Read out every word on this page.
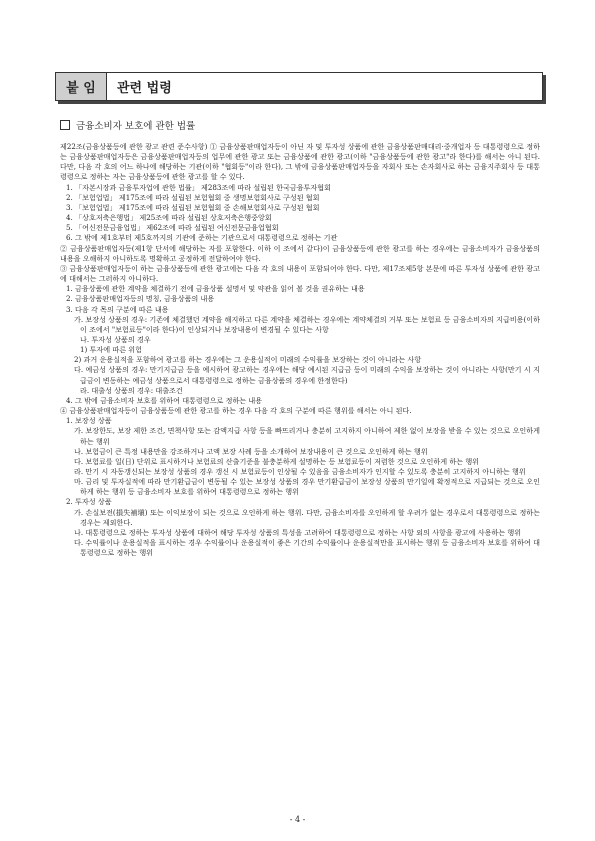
붙 임	관련 법령
금융소비자 보호에 관한 법률

제22조(금융상품등에 관한 광고 관련 준수사항) ① 금융상품판매업자등이 아닌 자 및 투자성 상품에 관한 금융상품판매대리·중개업자 등 대통령령으로 정하는 금융상품판매업자등은 금융상품판매업자등의 업무에 관한 광고 또는 금융상품에 관한 광고(이하 "금융상품등에 관한 광고"라 한다)를 해서는 아니 된다. 다만, 다음 각 호의 어느 하나에 해당하는 기관(이하 "협회등"이라 한다), 그 밖에 금융상품판매업자등을 자회사 또는 손자회사로 하는 금융지주회사 등 대통령령으로 정하는 자는 금융상품등에 관한 광고를 할 수 있다.

1. 「자본시장과 금융투자업에 관한 법률」 제283조에 따라 설립된 한국금융투자협회

2. 「보험업법」 제175조에 따라 설립된 보험협회 중 생명보험회사로 구성된 협회

3. 「보험업법」 제175조에 따라 설립된 보험협회 중 손해보험회사로 구성된 협회

4. 「상호저축은행법」 제25조에 따라 설립된 상호저축은행중앙회

5. 「여신전문금융업법」 제62조에 따라 설립된 여신전문금융업협회

6. 그 밖에 제1호부터 제5호까지의 기관에 준하는 기관으로서 대통령령으로 정하는 기관

② 금융상품판매업자등(제1항 단서에 해당하는 자를 포함한다. 이하 이 조에서 같다)이 금융상품등에 관한 광고를 하는 경우에는 금융소비자가 금융상품의 내용을 오해하지 아니하도록 명확하고 공정하게 전달하여야 한다.

③ 금융상품판매업자등이 하는 금융상품등에 관한 광고에는 다음 각 호의 내용이 포함되어야 한다. 다만, 제17조제5항 본문에 따른 투자성 상품에 관한 광고에 대해서는 그러하지 아니하다.

1. 금융상품에 관한 계약을 체결하기 전에 금융상품 설명서 및 약관을 읽어 볼 것을 권유하는 내용

2. 금융상품판매업자등의 명칭, 금융상품의 내용

3. 다음 각 목의 구분에 따른 내용

가. 보장성 상품의 경우: 기존에 체결했던 계약을 해지하고 다른 계약을 체결하는 경우에는 계약체결의 거부 또는 보험료 등 금융소비자의 지급비용(이하 이 조에서 "보험료등"이라 한다)이 인상되거나 보장내용이 변경될 수 있다는 사항

나. 투자성 상품의 경우

1) 투자에 따른 위험

2) 과거 운용실적을 포함하여 광고를 하는 경우에는 그 운용실적이 미래의 수익률을 보장하는 것이 아니라는 사항

다. 예금성 상품의 경우: 만기지급금 등을 예시하여 광고하는 경우에는 해당 예시된 지급금 등이 미래의 수익을 보장하는 것이 아니라는 사항(만기 시 지급금이 변동하는 예금성 상품으로서 대통령령으로 정하는 금융상품의 경우에 한정한다)

라. 대출성 상품의 경우: 대출조건

4. 그 밖에 금융소비자 보호를 위하여 대통령령으로 정하는 내용

④ 금융상품판매업자등이 금융상품등에 관한 광고를 하는 경우 다음 각 호의 구분에 따른 행위를 해서는 아니 된다.

1. 보장성 상품

가. 보장한도, 보장 제한 조건, 면책사항 또는 감액지급 사항 등을 빠뜨리거나 충분히 고지하지 아니하여 제한 없이 보장을 받을 수 있는 것으로 오인하게 하는 행위

나. 보험금이 큰 특정 내용만을 강조하거나 고액 보장 사례 등을 소개하여 보장내용이 큰 것으로 오인하게 하는 행위

다. 보험료를 일(日) 단위로 표시하거나 보험료의 산출기준을 불충분하게 설명하는 등 보험료등이 저렴한 것으로 오인하게 하는 행위

라. 만기 시 자동갱신되는 보장성 상품의 경우 갱신 시 보험료등이 인상될 수 있음을 금융소비자가 인지할 수 있도록 충분히 고지하지 아니하는 행위

마. 금리 및 투자실적에 따라 만기환급금이 변동될 수 있는 보장성 상품의 경우 만기환급금이 보장성 상품의 만기일에 확정적으로 지급되는 것으로 오인하게 하는 행위 등 금융소비자 보호를 위하여 대통령령으로 정하는 행위

2. 투자성 상품

가. 손실보전(損失補塡) 또는 이익보장이 되는 것으로 오인하게 하는 행위. 다만, 금융소비자를 오인하게 할 우려가 없는 경우로서 대통령령으로 정하는 경우는 제외한다.

나. 대통령령으로 정하는 투자성 상품에 대하여 해당 투자성 상품의 특성을 고려하여 대통령령으로 정하는 사항 외의 사항을 광고에 사용하는 행위

다. 수익률이나 운용실적을 표시하는 경우 수익률이나 운용실적이 좋은 기간의 수익률이나 운용실적만을 표시하는 행위 등 금융소비자 보호를 위하여 대통령령으로 정하는 행위

- 4 -
